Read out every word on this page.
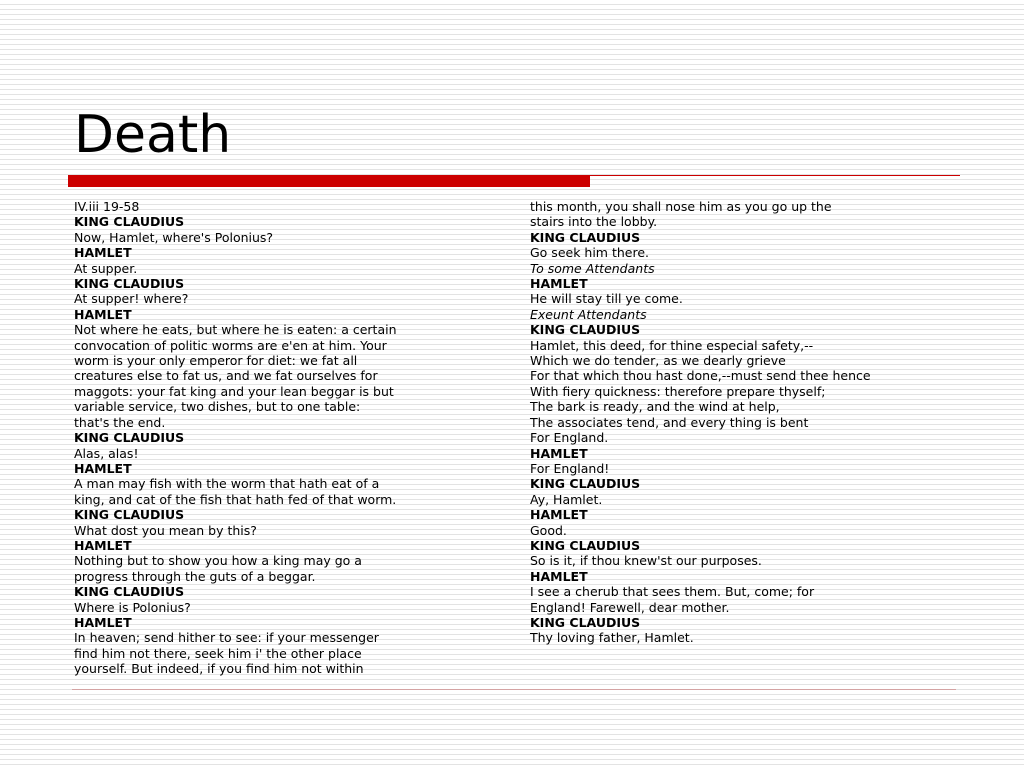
Death
IV.iii 19-58
KING CLAUDIUS
Now, Hamlet, where's Polonius?
HAMLET
At supper.
KING CLAUDIUS
At supper! where?
HAMLET
Not where he eats, but where he is eaten: a certain
convocation of politic worms are e'en at him. Your
worm is your only emperor for diet: we fat all
creatures else to fat us, and we fat ourselves for
maggots: your fat king and your lean beggar is but
variable service, two dishes, but to one table:
that's the end.
KING CLAUDIUS
Alas, alas!
HAMLET
A man may fish with the worm that hath eat of a
king, and cat of the fish that hath fed of that worm.
KING CLAUDIUS
What dost you mean by this?
HAMLET
Nothing but to show you how a king may go a
progress through the guts of a beggar.
KING CLAUDIUS
Where is Polonius?
HAMLET
In heaven; send hither to see: if your messenger
find him not there, seek him i' the other place
yourself. But indeed, if you find him not within
this month, you shall nose him as you go up the
stairs into the lobby.
KING CLAUDIUS
Go seek him there.
To some Attendants
HAMLET
He will stay till ye come.
Exeunt Attendants
KING CLAUDIUS
Hamlet, this deed, for thine especial safety,--
Which we do tender, as we dearly grieve
For that which thou hast done,--must send thee hence
With fiery quickness: therefore prepare thyself;
The bark is ready, and the wind at help,
The associates tend, and every thing is bent
For England.
HAMLET
For England!
KING CLAUDIUS
Ay, Hamlet.
HAMLET
Good.
KING CLAUDIUS
So is it, if thou knew'st our purposes.
HAMLET
I see a cherub that sees them. But, come; for
England! Farewell, dear mother.
KING CLAUDIUS
Thy loving father, Hamlet.
